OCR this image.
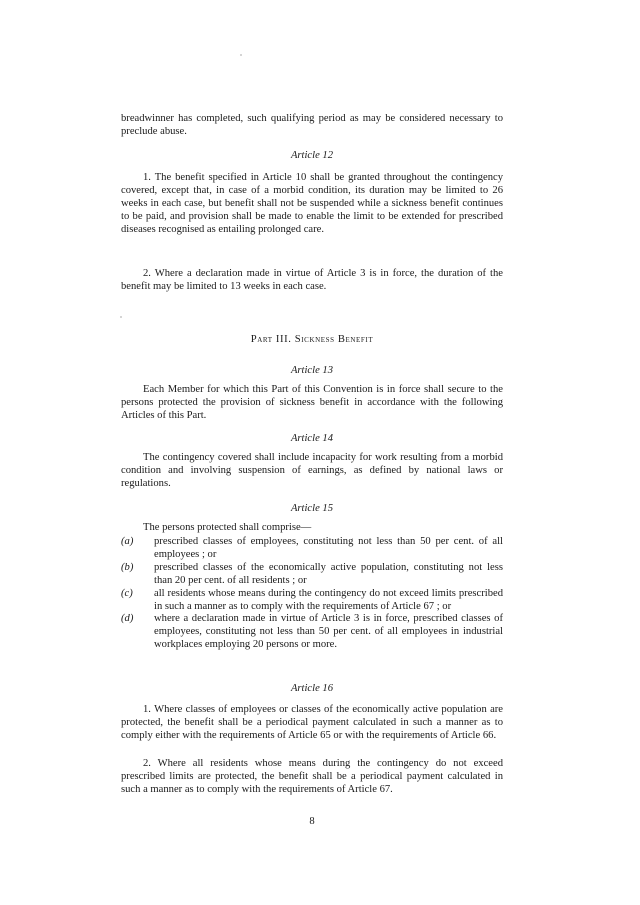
breadwinner has completed, such qualifying period as may be considered necessary to preclude abuse.

Article 12

1. The benefit specified in Article 10 shall be granted throughout the contingency covered, except that, in case of a morbid condition, its duration may be limited to 26 weeks in each case, but benefit shall not be suspended while a sickness benefit continues to be paid, and provision shall be made to enable the limit to be extended for prescribed diseases recognised as entailing prolonged care.

2. Where a declaration made in virtue of Article 3 is in force, the duration of the benefit may be limited to 13 weeks in each case.

Part III. Sickness Benefit
Article 13

Each Member for which this Part of this Convention is in force shall secure to the persons protected the provision of sickness benefit in accordance with the following Articles of this Part.

Article 14

The contingency covered shall include incapacity for work resulting from a morbid condition and involving suspension of earnings, as defined by national laws or regulations.

Article 15

The persons protected shall comprise—

(a) prescribed classes of employees, constituting not less than 50 per cent. of all employees ; or

(b) prescribed classes of the economically active population, constituting not less than 20 per cent. of all residents ; or

(c) all residents whose means during the contingency do not exceed limits prescribed in such a manner as to comply with the requirements of Article 67 ; or

(d) where a declaration made in virtue of Article 3 is in force, prescribed classes of employees, constituting not less than 50 per cent. of all employees in industrial workplaces employing 20 persons or more.

Article 16

1. Where classes of employees or classes of the economically active population are protected, the benefit shall be a periodical payment calculated in such a manner as to comply either with the requirements of Article 65 or with the requirements of Article 66.

2. Where all residents whose means during the contingency do not exceed prescribed limits are protected, the benefit shall be a periodical payment calculated in such a manner as to comply with the requirements of Article 67.

8
